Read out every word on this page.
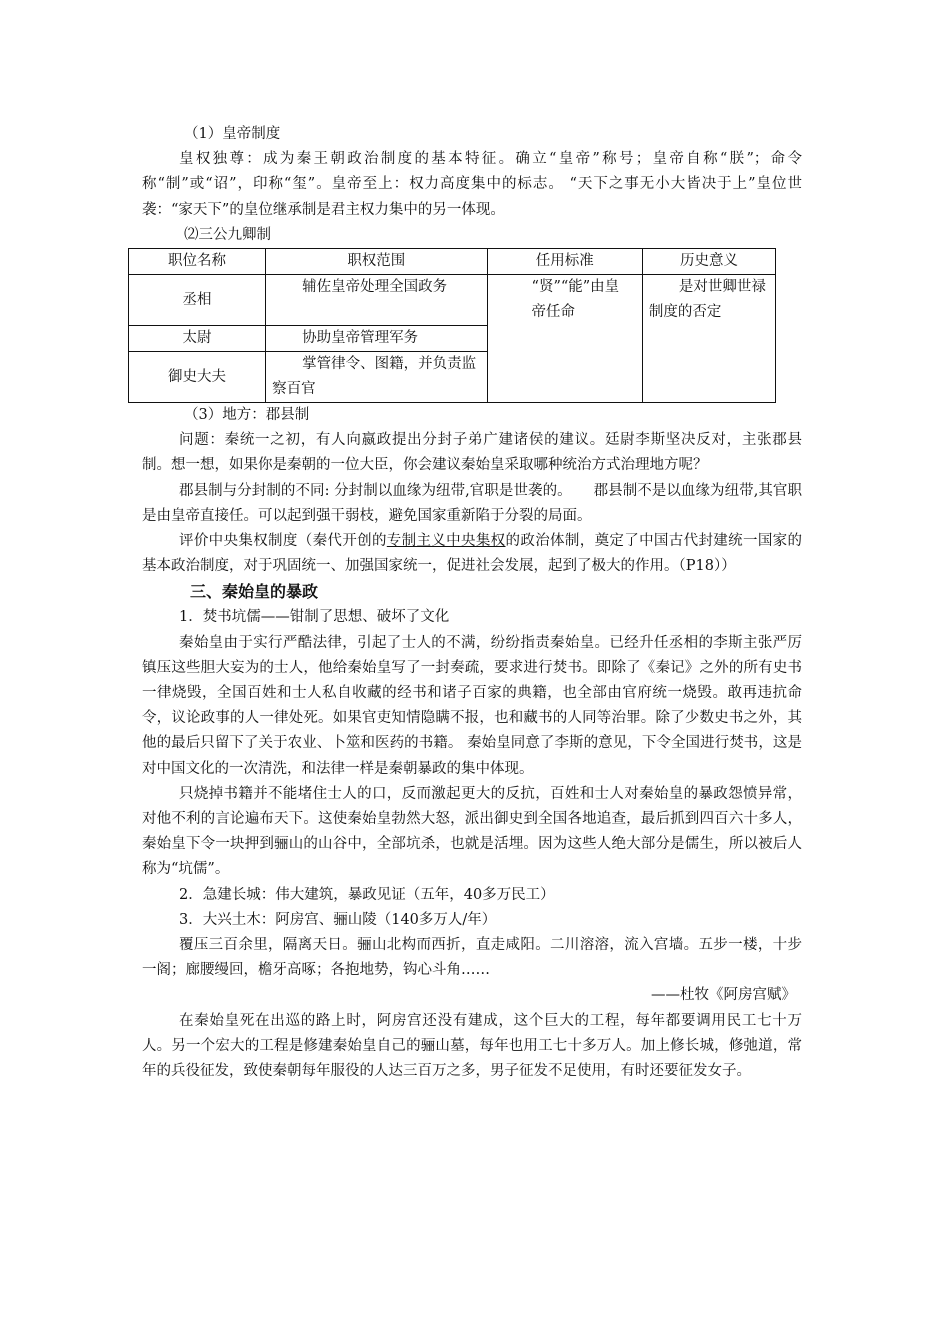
（1）皇帝制度

皇权独尊：成为秦王朝政治制度的基本特征。确立“皇帝”称号；皇帝自称“朕”；命令称“制”或“诏”，印称“玺”。皇帝至上：权力高度集中的标志。 “天下之事无小大皆决于上”皇位世袭：“家天下”的皇位继承制是君主权力集中的另一体现。

⑵三公九卿制

职位名称	职权范围	任用标准	历史意义
丞相	辅佐皇帝处理全国政务	“贤”“能”由皇帝任命	是对世卿世禄制度的否定
太尉	协助皇帝管理军务		
御史大夫	掌管律令、图籍，并负责监察百官		

（3）地方：郡县制

问题：秦统一之初，有人向嬴政提出分封子弟广建诸侯的建议。廷尉李斯坚决反对，主张郡县制。想一想，如果你是秦朝的一位大臣，你会建议秦始皇采取哪种统治方式治理地方呢？

郡县制与分封制的不同: 分封制以血缘为纽带,官职是世袭的。　　郡县制不是以血缘为纽带,其官职是由皇帝直接任。可以起到强干弱枝，避免国家重新陷于分裂的局面。

评价中央集权制度（秦代开创的专制主义中央集权的政治体制，奠定了中国古代封建统一国家的基本政治制度，对于巩固统一、加强国家统一，促进社会发展，起到了极大的作用。（P18））

三、秦始皇的暴政

1．焚书坑儒——钳制了思想、破坏了文化

秦始皇由于实行严酷法律，引起了士人的不满，纷纷指责秦始皇。已经升任丞相的李斯主张严厉镇压这些胆大妄为的士人，他给秦始皇写了一封奏疏，要求进行焚书。即除了《秦记》之外的所有史书一律烧毁，全国百姓和士人私自收藏的经书和诸子百家的典籍，也全部由官府统一烧毁。敢再违抗命令，议论政事的人一律处死。如果官吏知情隐瞒不报，也和藏书的人同等治罪。除了少数史书之外，其他的最后只留下了关于农业、卜筮和医药的书籍。 秦始皇同意了李斯的意见，下令全国进行焚书，这是对中国文化的一次清洗，和法律一样是秦朝暴政的集中体现。

只烧掉书籍并不能堵住士人的口，反而激起更大的反抗，百姓和士人对秦始皇的暴政怨愤异常，对他不利的言论遍布天下。这使秦始皇勃然大怒，派出御史到全国各地追查，最后抓到四百六十多人，秦始皇下令一块押到骊山的山谷中，全部坑杀，也就是活埋。因为这些人绝大部分是儒生，所以被后人称为“坑儒”。

2．急建长城：伟大建筑，暴政见证（五年，40多万民工）

3．大兴土木：阿房宫、骊山陵（140多万人/年）

覆压三百余里，隔离天日。骊山北构而西折，直走咸阳。二川溶溶，流入宫墙。五步一楼，十步一阁；廊腰缦回，檐牙高啄；各抱地势，钩心斗角……

——杜牧《阿房宫赋》

在秦始皇死在出巡的路上时，阿房宫还没有建成，这个巨大的工程，每年都要调用民工七十万人。另一个宏大的工程是修建秦始皇自己的骊山墓，每年也用工七十多万人。加上修长城，修弛道，常年的兵役征发，致使秦朝每年服役的人达三百万之多，男子征发不足使用，有时还要征发女子。
